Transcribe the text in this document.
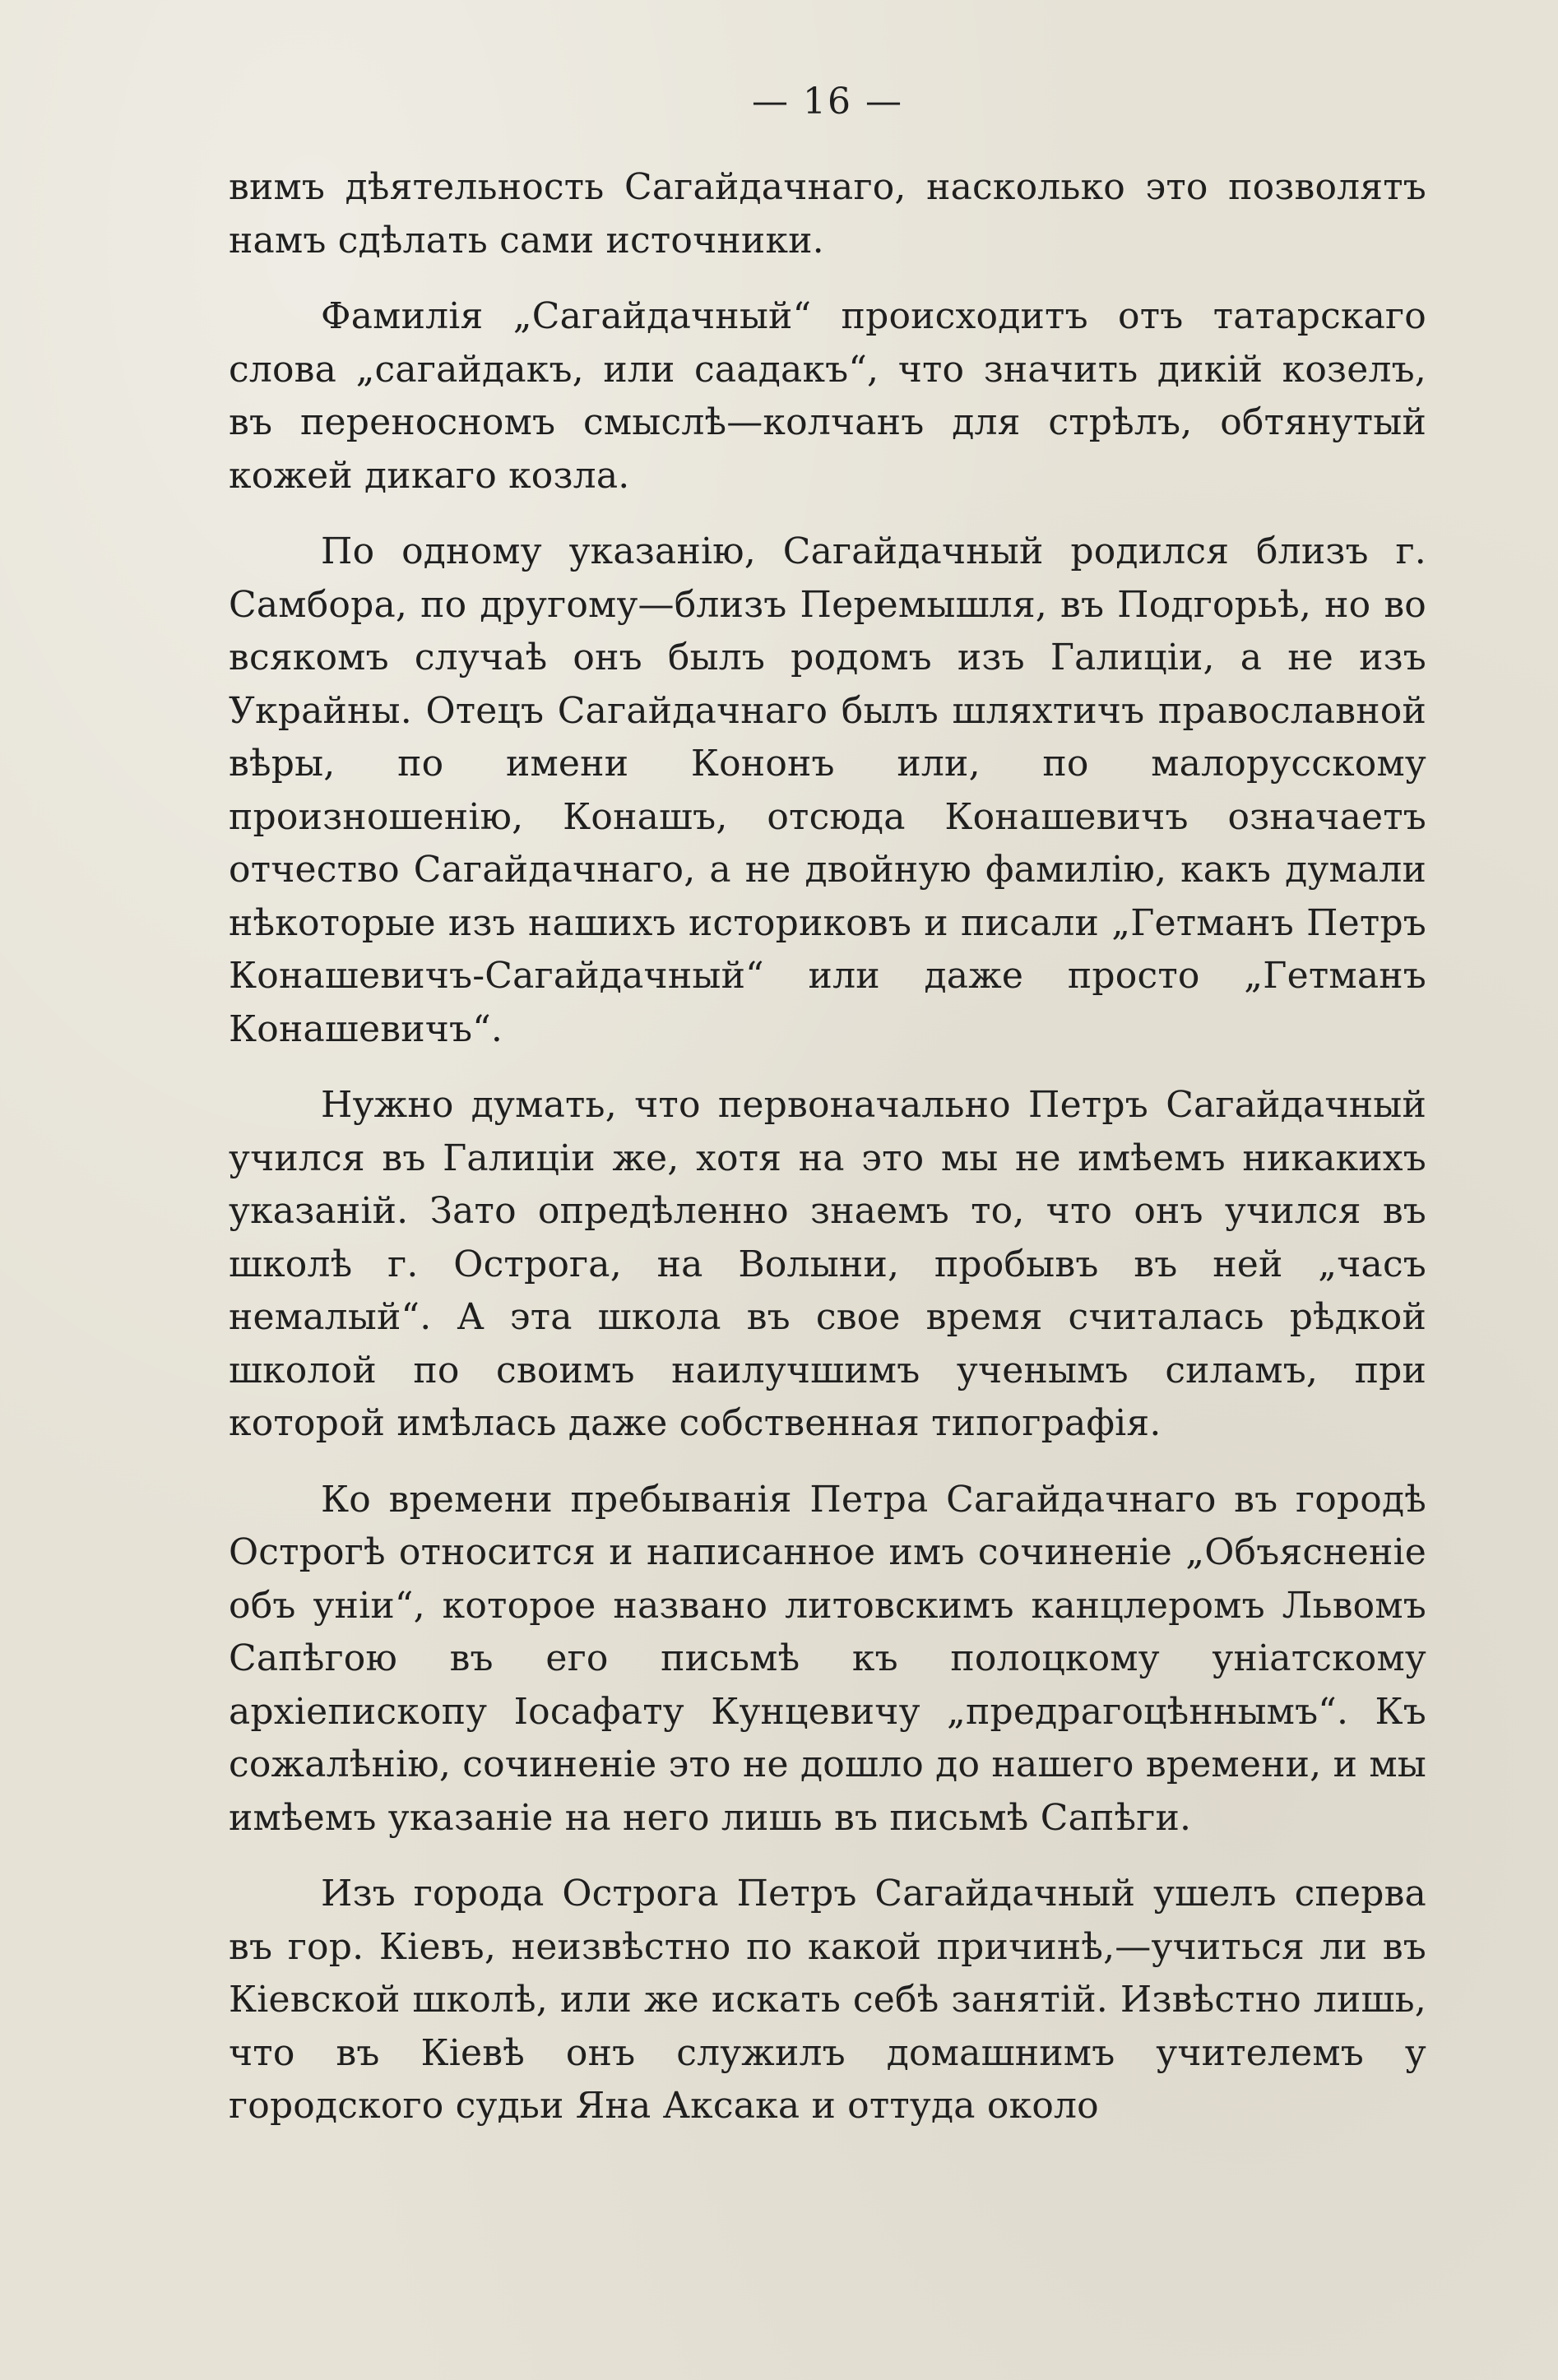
— 16 —

вимъ дѣятельность Сагайдачнаго, насколько это позволятъ намъ сдѣлать сами источники.

Фамилія „Сагайдачный“ происходитъ отъ татарскаго слова „сагайдакъ, или саадакъ“, что значить дикій козелъ, въ переносномъ смыслѣ—колчанъ для стрѣлъ, обтянутый кожей дикаго козла.

По одному указанію, Сагайдачный родился близъ г. Самбора, по другому—близъ Перемышля, въ Подгорьѣ, но во всякомъ случаѣ онъ былъ родомъ изъ Галиціи, а не изъ Украйны. Отецъ Сагайдачнаго былъ шляхтичъ православной вѣры, по имени Кононъ или, по малорусскому произношенію, Конашъ, отсюда Конашевичъ означаетъ отчество Сагайдачнаго, а не двойную фамилію, какъ думали нѣкоторые изъ нашихъ историковъ и писали „Гетманъ Петръ Конашевичъ-Сагайдачный“ или даже просто „Гетманъ Конашевичъ“.

Нужно думать, что первоначально Петръ Сагайдачный учился въ Галиціи же, хотя на это мы не имѣемъ никакихъ указаній. Зато опредѣленно знаемъ то, что онъ учился въ школѣ г. Острога, на Волыни, пробывъ въ ней „часъ немалый“. А эта школа въ свое время считалась рѣдкой школой по своимъ наилучшимъ ученымъ силамъ, при которой имѣлась даже собственная типографія.

Ко времени пребыванія Петра Сагайдачнаго въ городѣ Острогѣ относится и написанное имъ сочиненіе „Объясненіе объ уніи“, которое названо литовскимъ канцлеромъ Львомъ Сапѣгою въ его письмѣ къ полоцкому уніатскому архіепископу Іосафату Кунцевичу „предрагоцѣннымъ“. Къ сожалѣнію, сочиненіе это не дошло до нашего времени, и мы имѣемъ указаніе на него лишь въ письмѣ Сапѣги.

Изъ города Острога Петръ Сагайдачный ушелъ сперва въ гор. Кіевъ, неизвѣстно по какой причинѣ,—учиться ли въ Кіевской школѣ, или же искать себѣ занятій. Извѣстно лишь, что въ Кіевѣ онъ служилъ домашнимъ учителемъ у городского судьи Яна Аксака и оттуда около
